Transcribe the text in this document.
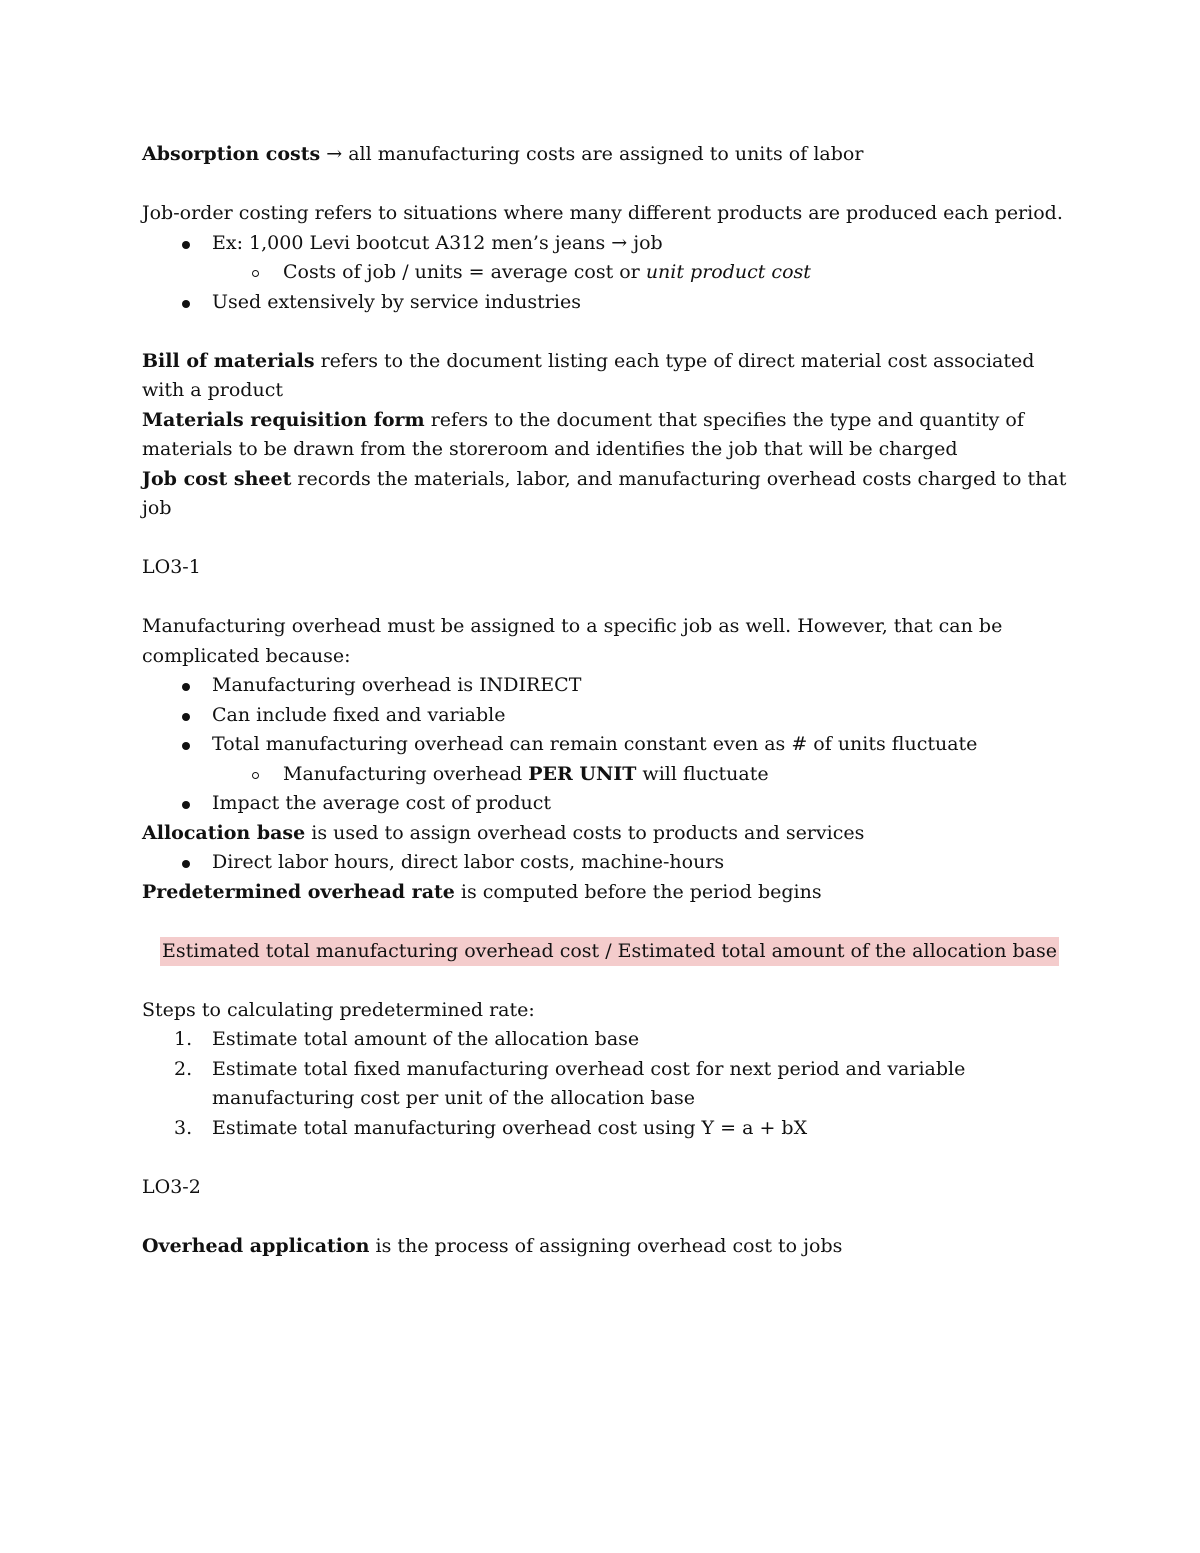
Absorption costs → all manufacturing costs are assigned to units of labor

Job-order costing refers to situations where many different products are produced each period.

Ex: 1,000 Levi bootcut A312 men’s jeans → job
Costs of job / units = average cost or unit product cost
Used extensively by service industries

Bill of materials refers to the document listing each type of direct material cost associated with a product

Materials requisition form refers to the document that specifies the type and quantity of materials to be drawn from the storeroom and identifies the job that will be charged

Job cost sheet records the materials, labor, and manufacturing overhead costs charged to that job

LO3-1

Manufacturing overhead must be assigned to a specific job as well. However, that can be complicated because:

Manufacturing overhead is INDIRECT
Can include fixed and variable
Total manufacturing overhead can remain constant even as # of units fluctuate
Manufacturing overhead PER UNIT will fluctuate
Impact the average cost of product

Allocation base is used to assign overhead costs to products and services

Direct labor hours, direct labor costs, machine-hours

Predetermined overhead rate is computed before the period begins

Estimated total manufacturing overhead cost / Estimated total amount of the allocation base

Steps to calculating predetermined rate:

1. Estimate total amount of the allocation base
2. Estimate total fixed manufacturing overhead cost for next period and variable manufacturing cost per unit of the allocation base
3. Estimate total manufacturing overhead cost using Y = a + bX

LO3-2

Overhead application is the process of assigning overhead cost to jobs
